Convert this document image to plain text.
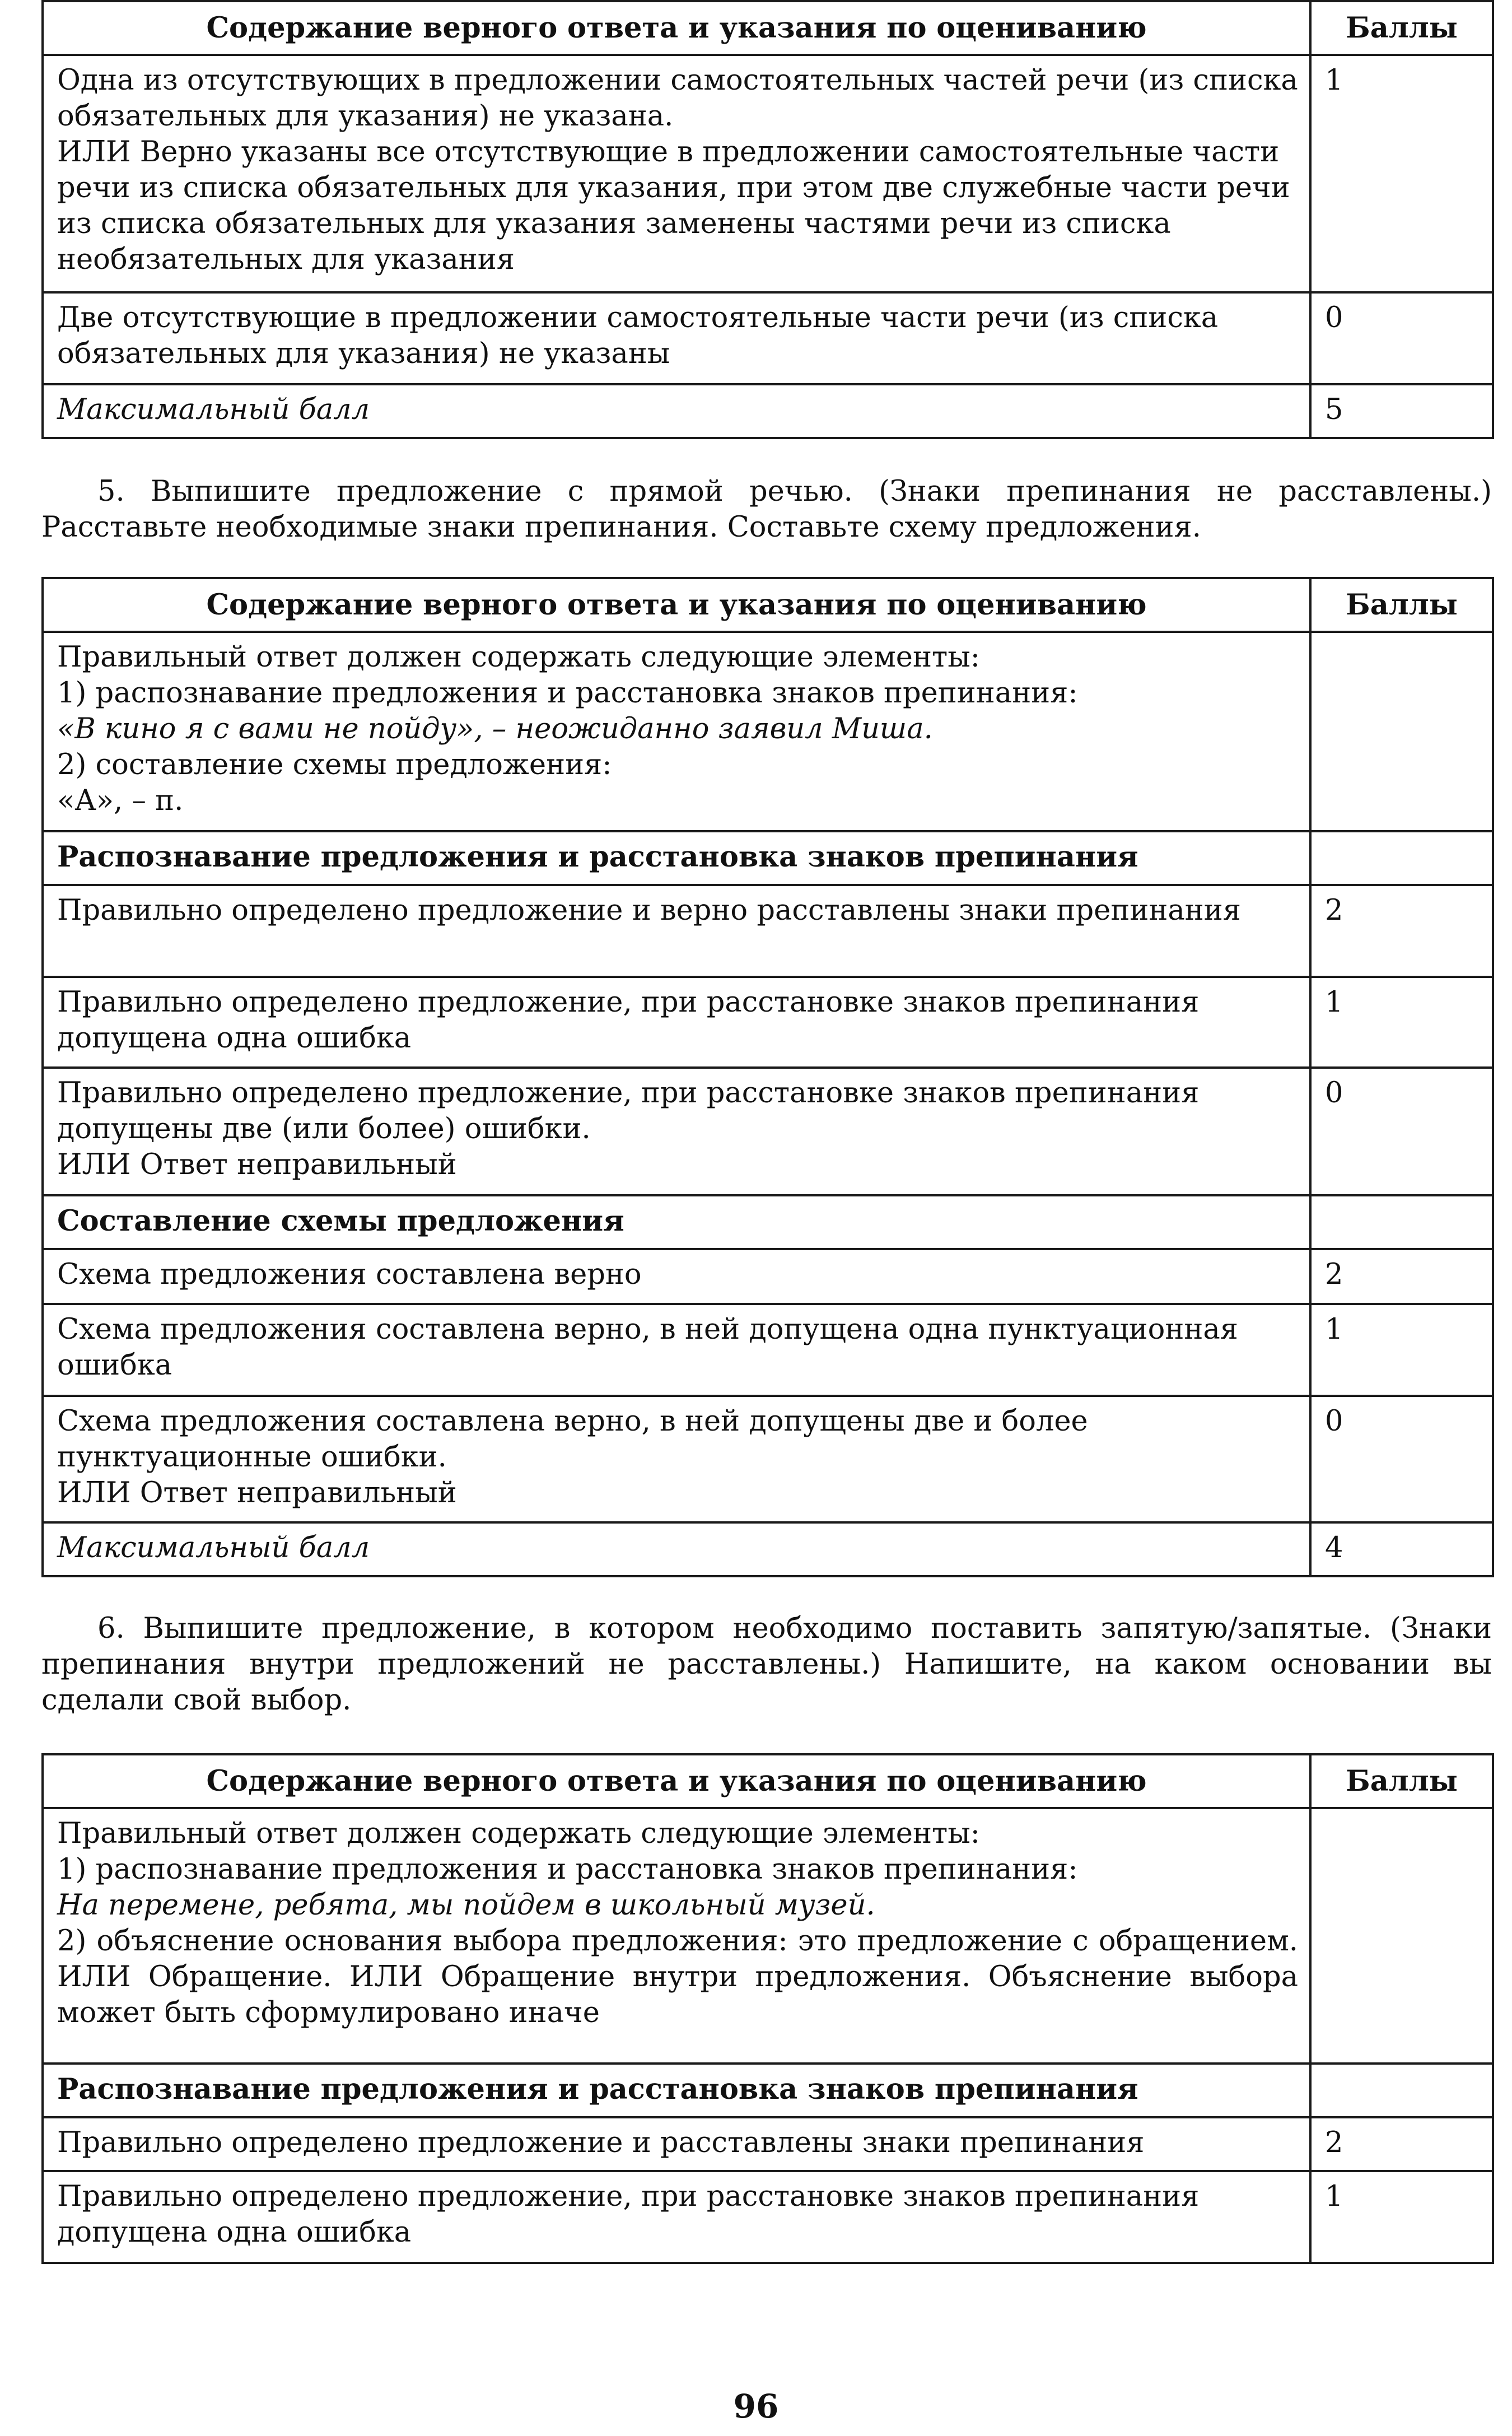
Содержание верного ответа и указания по оцениванию	Баллы
Одна из отсутствующих в предложении самостоятельных частей речи (из списка обязательных для указания) не указана.
ИЛИ Верно указаны все отсутствующие в предложении самостоятельные части речи из списка обязательных для указания, при этом две служебные части речи из списка обязательных для указания заменены частями речи из списка необязательных для указания	1
Две отсутствующие в предложении самостоятельные части речи (из списка обязательных для указания) не указаны	0
Максимальный балл	5

5. Выпишите предложение с прямой речью. (Знаки препинания не расставлены.) Расставьте необходимые знаки препинания. Составьте схему предложения.

Содержание верного ответа и указания по оцениванию	Баллы

Правильный ответ должен содержать следующие элементы:
1) распознавание предложения и расстановка знаков препинания:
«В кино я с вами не пойду», – неожиданно заявил Миша.
2) составление схемы предложения:
«А», – п.	

Распознавание предложения и расстановка знаков препинания	
Правильно определено предложение и верно расставлены знаки препинания	2
Правильно определено предложение, при расстановке знаков препинания допущена одна ошибка	1
Правильно определено предложение, при расстановке знаков препинания допущены две (или более) ошибки.
ИЛИ Ответ неправильный	0
Составление схемы предложения	
Схема предложения составлена верно	2
Схема предложения составлена верно, в ней допущена одна пунктуационная ошибка	1
Схема предложения составлена верно, в ней допущены две и более пунктуационные ошибки.
ИЛИ Ответ неправильный	0
Максимальный балл	4

6. Выпишите предложение, в котором необходимо поставить запятую/запятые. (Знаки препинания внутри предложений не расставлены.) Напишите, на каком основании вы сделали свой выбор.

Содержание верного ответа и указания по оцениванию	Баллы

Правильный ответ должен содержать следующие элементы:
1) распознавание предложения и расстановка знаков препинания:
На перемене, ребята, мы пойдем в школьный музей.
2) объяснение основания выбора предложения: это предложение с обращением. ИЛИ Обращение. ИЛИ Обращение внутри предложения. Объяснение выбора может быть сформулировано иначе	

Распознавание предложения и расстановка знаков препинания	
Правильно определено предложение и расставлены знаки препинания	2
Правильно определено предложение, при расстановке знаков препинания допущена одна ошибка	1
96
